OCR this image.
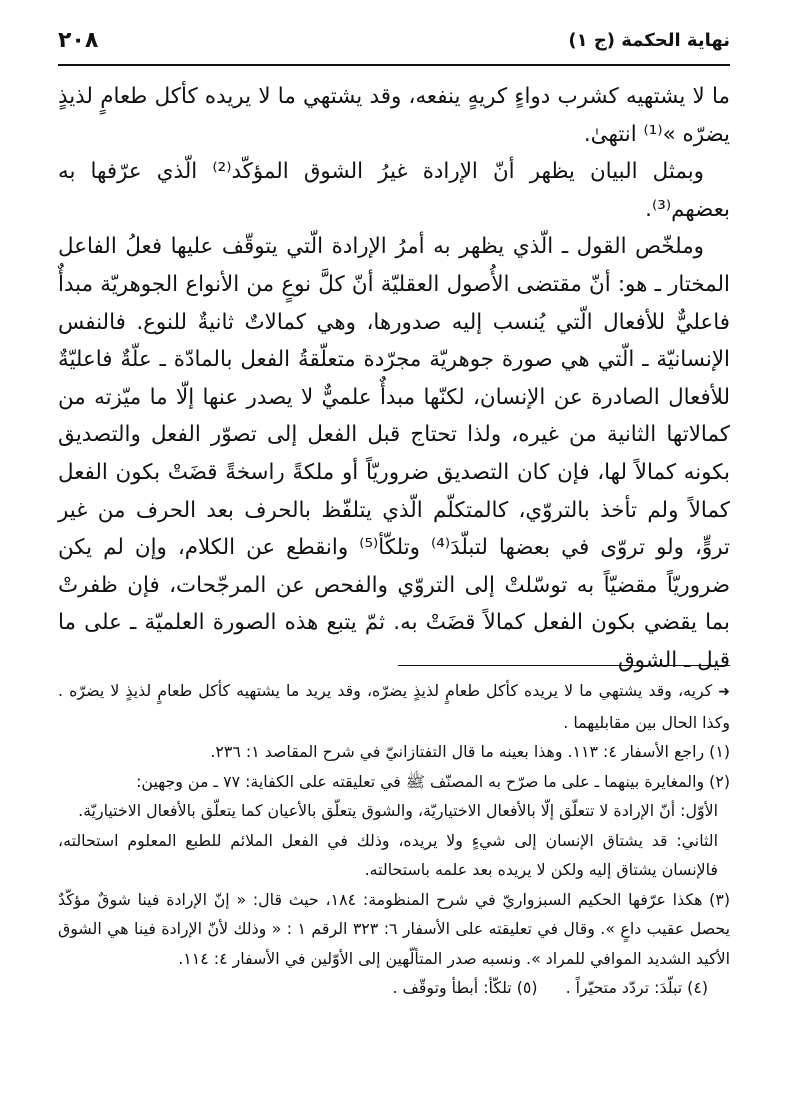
نهاية الحكمة (ج ١)
٢٠٨

ما لا يشتهيه كشرب دواءٍ كريهٍ ينفعه، وقد يشتهي ما لا يريده كأكل طعامٍ لذيذٍ يضرّه »⁽¹⁾ انتهىٰ.

وبمثل البيان يظهر أنّ الإرادة غيرُ الشوق المؤكّد⁽²⁾ الّذي عرّفها به بعضهم⁽³⁾.

وملخّص القول ـ الّذي يظهر به أمرُ الإرادة الّتي يتوقّف عليها فعلُ الفاعل المختار ـ هو: أنّ مقتضى الأُصول العقليّة أنّ كلَّ نوعٍ من الأنواع الجوهريّة مبدأٌ فاعليٌّ للأفعال الّتي يُنسب إليه صدورها، وهي كمالاتٌ ثانيةٌ للنوع. فالنفس الإنسانيّة ـ الّتي هي صورة جوهريّة مجرّدة متعلّقةُ الفعل بالمادّة ـ علّةٌ فاعليّةٌ للأفعال الصادرة عن الإنسان، لكنّها مبدأٌ علميٌّ لا يصدر عنها إلّا ما ميّزته من كمالاتها الثانية من غيره، ولذا تحتاج قبل الفعل إلى تصوّر الفعل والتصديق بكونه كمالاً لها، فإن كان التصديق ضروريّاً أو ملكةً راسخةً قضَتْ بكون الفعل كمالاً ولم تأخذ بالتروّي، كالمتكلّم الّذي يتلفّظ بالحرف بعد الحرف من غير تروٍّ، ولو تروّى في بعضها لتبلّدَ⁽⁴⁾ وتلكّأ⁽⁵⁾ وانقطع عن الكلام، وإن لم يكن ضروريّاً مقضيّاً به توسّلتْ إلى التروّي والفحص عن المرجّحات، فإن ظفرتْ بما يقضي بكون الفعل كمالاً قضَتْ به. ثمّ يتبع هذه الصورة العلميّة ـ على ما قيل ـ الشوق

➜كريه، وقد يشتهي ما لا يريده كأكل طعامٍ لذيذٍ يضرّه، وقد يريد ما يشتهيه كأكل طعامٍ لذيذٍ لا يضرّه . وكذا الحال بين مقابليهما .

(١) راجع الأسفار ٤: ١١٣. وهذا بعينه ما قال التفتازانيّ في شرح المقاصد ١: ٢٣٦.

(٢) والمغايرة بينهما ـ على ما صرّح به المصنّف ﷺ في تعليقته على الكفاية: ٧٧ ـ من وجهين:

الأوّل: أنّ الإرادة لا تتعلّق إلّا بالأفعال الاختياريّة، والشوق يتعلّق بالأعيان كما يتعلّق بالأفعال الاختياريّة.

الثاني: قد يشتاق الإنسان إلى شيءٍ ولا يريده، وذلك في الفعل الملائم للطبع المعلوم استحالته، فالإنسان يشتاق إليه ولكن لا يريده بعد علمه باستحالته.

(٣) هكذا عرّفها الحكيم السبزواريّ في شرح المنظومة: ١٨٤، حيث قال: « إنّ الإرادة فينا شوقٌ مؤكّدٌ يحصل عقيب داعٍ ». وقال في تعليقته على الأسفار ٦: ٣٢٣ الرقم ١ : « وذلك لأنّ الإرادة فينا هي الشوق الأكيد الشديد الموافي للمراد ». ونسبه صدر المتألّهين إلى الأوّلين في الأسفار ٤: ١١٤.

(٤) تبلّدَ: تردّد متحيّراً .(٥) تلكّأ: أبطأ وتوقّف .
